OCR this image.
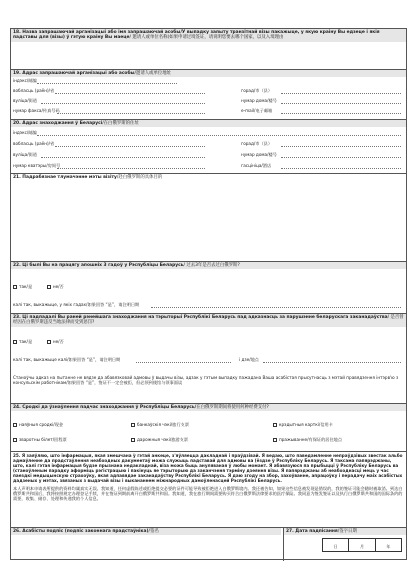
18. Назва запрашаючай арганізацыі або імя запрашаючай асобы/У выпадку запыту транзітнай візы пакажыце, у якую краіну Вы едзеце і якія падставы для (візы) ў гэтую краіну Вы маеце/ 邀请人或单位名称(如果申请过境签证，请说明您要去哪个国家，以及入境理由
19. Адрас запрашаючай арганізацыі або асобы/邀请人或单位地址
індэкс/邮编
вобласць (раён)/省	горад/市（县）
вуліца/街道	нумар дома/楼号
нумар факса/传真号码	e-mail/电子邮箱
20. Адрас знаходжання ў Беларусі/在白俄罗斯的住址
індэкс/邮编
вобласць (раён)/省	горад/市（县）
вуліца/街道	нумар дома/楼号
нумар кватэры/房间号	гасцініца/酒店
21. Падрабязнае тлумачэнне мэты візіту/赴白俄罗斯的具体目的
22. Ці былі Вы на працягу апошніх 3 гадоў у Рэспубліцы Беларусь/ 过去3年是否去过白俄罗斯?
так/是	не/否
калі так, выкажыце, у якіх гадах/如果回答 “是”，请注明日期
23. Ці падпадалі Вы раней рэнейшага знаходжання на тэрыторыі Рэспублікі Беларусь пад адказнасць за парушэнне беларускага заканадаўства/ 是否曾经因在白俄罗斯违反当地法律而受到惩罚?
так/是	не/否
калі так, выкажыце калі/如果回答 “是”，请注明日期	і дзе/地点
Станоўчы адказ на пытанне не вядзе да абавязковай адмовы ў выдачы візы, адзак у гэтым выпадку пажадана Ваша асабістая прысутнасць з мэтай правядзення інтэрв'ю з консульскім работнікам/如果回答 “是”，签证不一定会被拒，但必须到使馆与领事面谈
24. Сродкі да ўзнаўлення падчас знаходжання ў Рэспубліцы Беларусь/在白俄罗斯期间将使用何种经费支付?
наяўныя сродкі/现金	банкаўскія чэкі/旅行支票	крэдытныя карткі/信用卡
зваротны білет/回程票	дарожныя чэкі/旅游支票	пражыванне/有保证的居住地点
25. Я заяўляю, што інфармацыя, якая змешчана ў гэтай анкеце, з'яўляецца дакладнай і праўдзівай. Я ведаю, што паведамленне непраўдзівых звестак альбо адмаўленне да прадстаўлення неабходных дакументаў можа служыць падставай для адмовы ва (ёздзе ў Рэспубліку Беларусь. Я таксама папярэджаны, што, калі гэтая інфармацыя будзе прызнана недакладнай, віза можа быць ануляваная ў любы момант. Я абавязуюся па прыбыцці ў Рэспубліку Беларусь ва (станоўленым парадку аформіць рэгістрацыю і пакінуць яе тэрыторыю да заканчэння тэрміну дзеяння візы. Я папярэджаны аб неабходнасці мець у час паездкі медыцынскую страхоўку, якая адпавядае заканадаўству Рэспублікі Беларусь. Я даю згоду на збор, захоўванне, апрацоўку і перадачу маіх асабістых дадзеных у мэтах, звязаных з выдачай візы і выкананнем міжнародных дамоўленасцей Рэспублікі Беларусь.
本人声明本申请表所提供的资料均属真实无误。我知道，任何虚假陈述或拒绝提交必要的证件可能导致被拒绝进入白俄罗斯境内。我还被告知，如果这些信息被发现是错误的，我的签证可能会随时被取消。到达白俄罗斯共和国后，我将按照规定办理登记手续，并在签证到期前离开白俄罗斯共和国。我知道，我在旅行期间需要购买符合白俄罗斯法律要求的医疗保险。我同意为签发签证以及执行白俄罗斯共和国的国际条约的需要，收集、储存、处理和传递我的个人信息。
26. Асабісты подпіс (подпіс законнага прадстаўніка)/签名	27. Дата падпісання/签字日期
日	月	年
